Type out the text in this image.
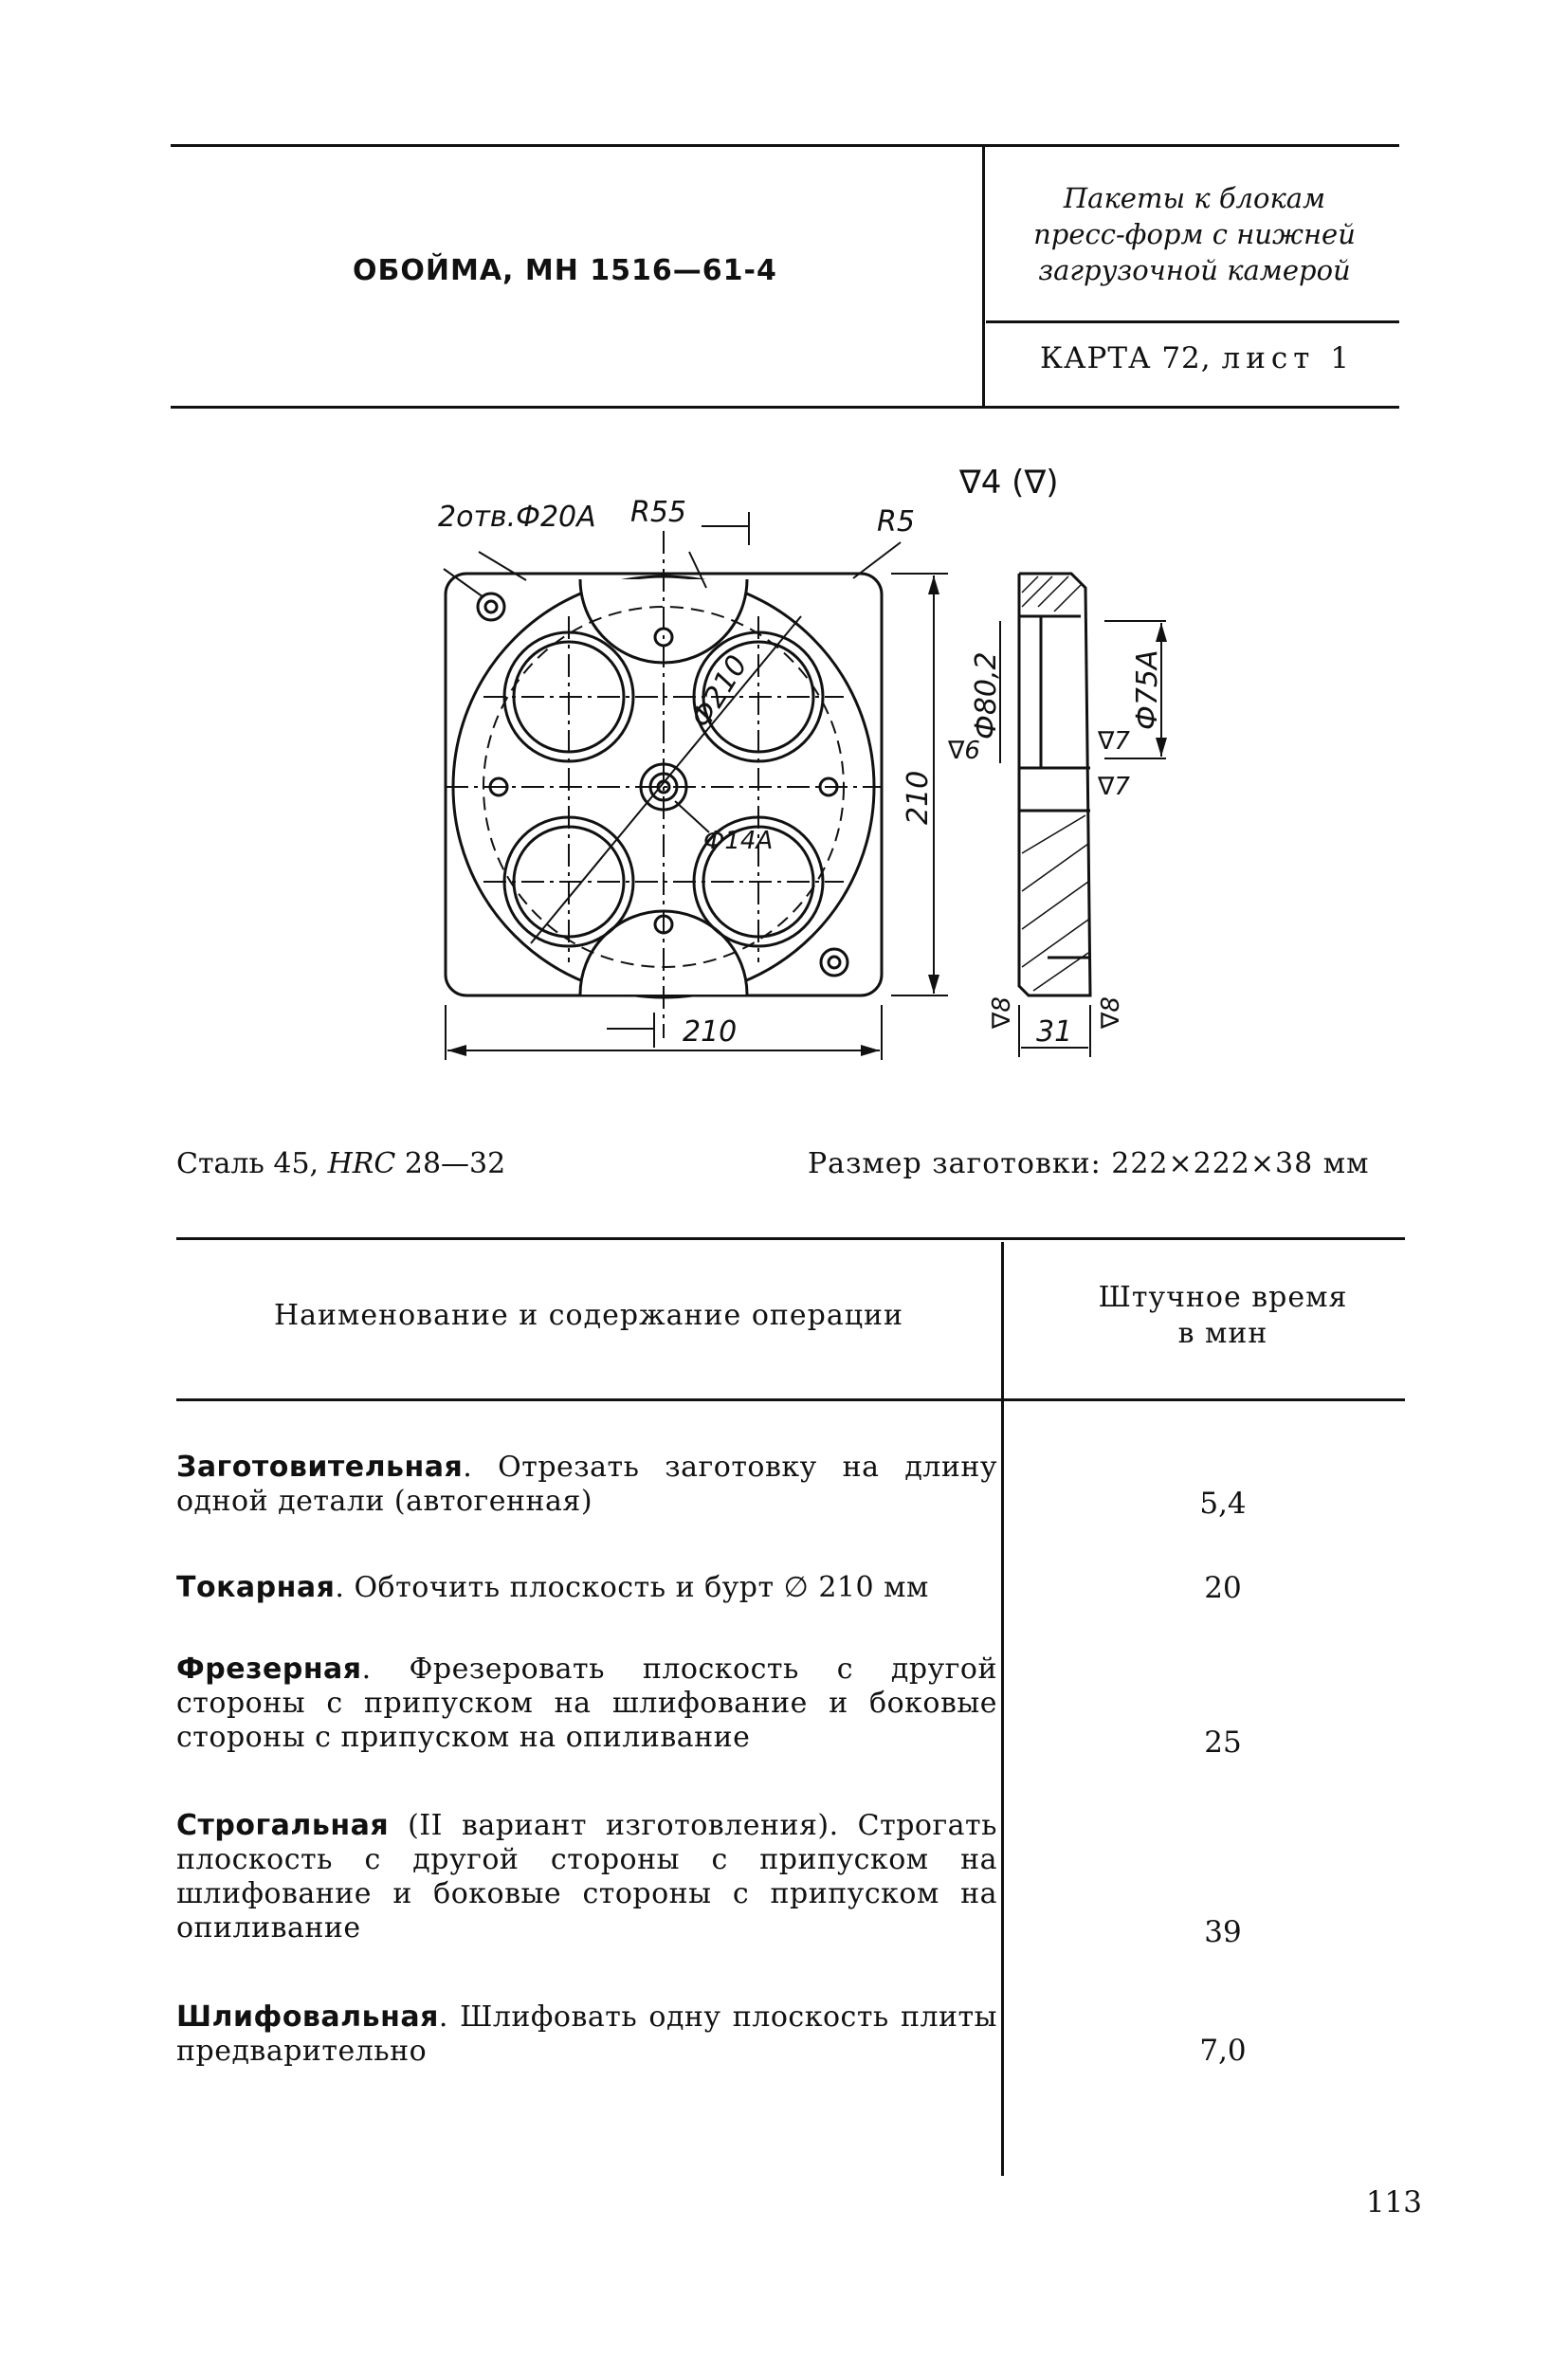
ОБОЙМА, МН 1516—61-4
Пакеты к блокам
пресс-форм с нижней
загрузочной камерой
КАРТА 72, лист 1
2отв.Ф20А R55	R5
∇4 (∇)
Ф210
Ф14А
210
210
Ф80,2	Ф75А
∇6	∇7
∇7
∇8	∇8
31
Сталь 45, HRC 28—32	Размер заготовки: 222×222×38 мм
Наименование и содержание операции
Штучное время
в мин
Заготовительная. Отрезать заготовку на длину одной детали (автогенная)	5,4
Токарная. Обточить плоскость и бурт ∅ 210 мм	20
Фрезерная. Фрезеровать плоскость с другой стороны с припуском на шлифование и боковые стороны с припуском на опиливание	25
Строгальная (II вариант изготовления). Строгать плоскость с другой стороны с припуском на шлифование и боковые стороны с припуском на опиливание	39
Шлифовальная. Шлифовать одну плоскость плиты предварительно	7,0
113
